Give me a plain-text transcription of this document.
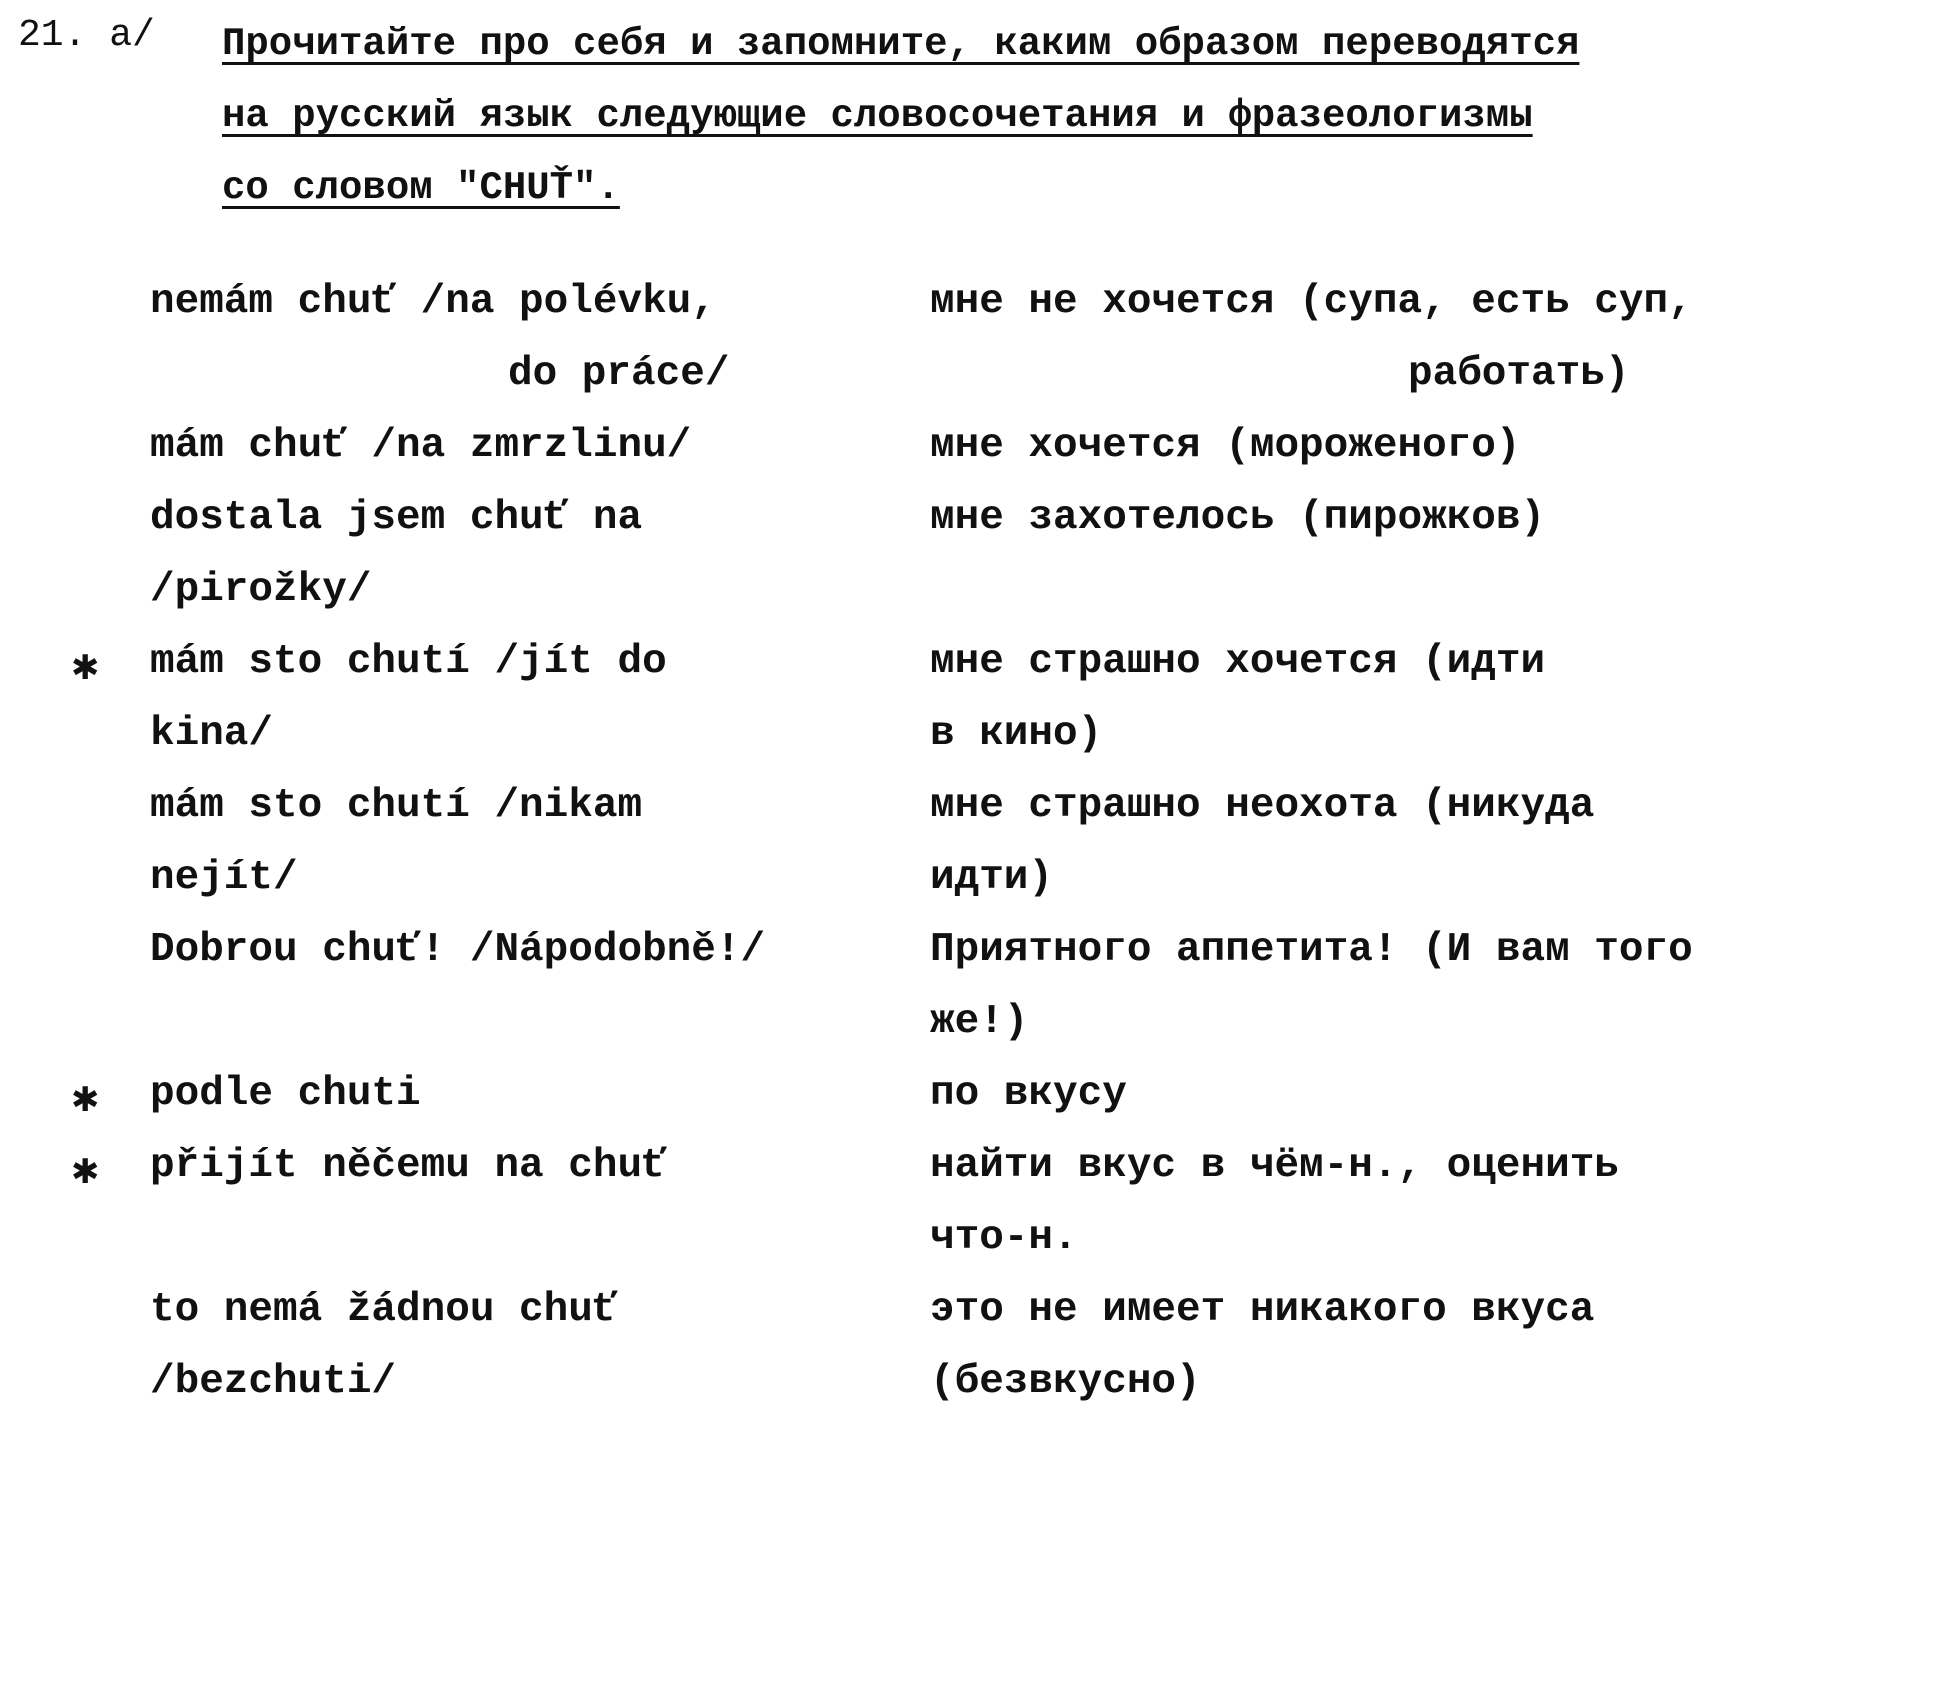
21. а/ Прочитайте про себя и запомните, каким образом переводятся
на русский язык следующие словосочетания и фразеологизмы
со словом "CHUŤ".
nemám chuť /na polévku,
do práce/
мне не хочется (супа, есть суп,
работать)
mám chuť /na zmrzlinu/	мне хочется (мороженого)
dostala jsem chuť na
/pirožky/
мне захотелось (пирожков)
✱ mám sto chutí /jít do
kina/
мне страшно хочется (идти
в кино)
mám sto chutí /nikam
nejít/
мне страшно неохота (никуда
идти)
Dobrou chuť! /Nápodobně!/	Приятного аппетита! (И вам того
же!)
✱ podle chuti	по вкусу
✱ přijít něčemu na chuť	найти вкус в чём-н., оценить
что-н.
to nemá žádnou chuť
/bezchuti/
это не имеет никакого вкуса
(безвкусно)
